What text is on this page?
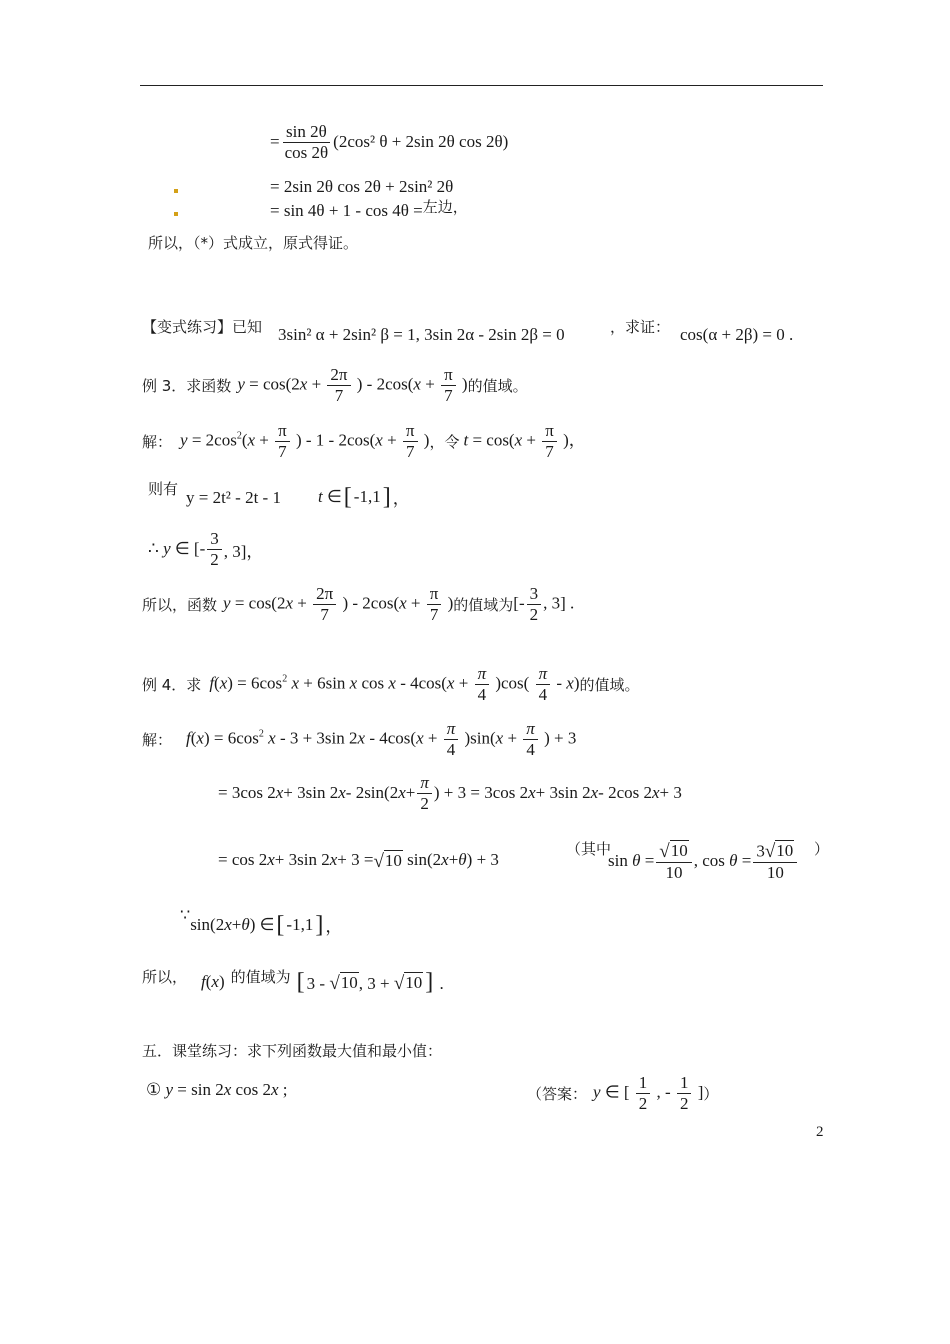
= $\frac{\sin 2\theta}{\cos 2\theta} (2\cos^2$ θ + 2sin 2θ cos 2θ)
= 2sin 2θ cos 2θ + 2sin² 2θ
= sin 4θ + 1 - cos 4θ = 左边，
所以，（*）式成立，原式得证。
【变式练习】已知 3sin² α + 2sin² β = 1, 3sin 2α - 2sin 2β = 0	，求证： cos(α + 2β) = 0 .
例 3．求函数 $y = \cos(2x + \frac{2\pi}{7}$ ) - $2\cos(x + \frac{\pi}{7}$ ) 的值域。
解： $y = 2\cos^2(x + \frac{\pi}{7}$ ) - $1 - 2\cos(x + \frac{\pi}{7}$ ) ，令 $t = \cos(x + \frac{\pi}{7}$ )，
则有 y = 2t² - 2t - 1 t ∈ [ -1,1 ] ，
∴ y ∈ [- $\frac{3}{2}$ , 3]，
所以，函数 $y = \cos(2x + \frac{2\pi}{7}$ ) - $2\cos(x + \frac{\pi}{7}$ ) 的值域为 [- $\frac{3}{2}$ , 3] .
例 4．求 $f(x) = 6\cos^2$ x + 6sin x $\cos x - 4\cos(x + \frac{\pi}{4} )\cos( \frac{\pi}{4} - x)$ 的值域。
解： $f(x) = 6\cos^2$ x - 3 + 3sin $2x - 4\cos(x + \frac{\pi}{4} )\sin(x + \frac{\pi}{4}$ ) + 3
= 3cos 2 x + 3sin 2 x - 2sin(2 $x + \frac{\pi}{2}$ ) + 3 = 3cos 2 x + 3sin 2 x - 2cos 2 x + 3
= cos 2 x + 3sin 2 x + 3 = √ 10 sin(2 x + θ ) + 3
（其中
$\sin \theta = \frac{√ 10}{10}$ , $\cos \theta = \frac{3 √ 10}{10}$ ）
∵ sin(2 x + θ ) ∈ [ -1,1 ] ，
所以， f(x) 的值域为 [ 3 - √ 10 , 3 + √ 10 ] .
五．课堂练习：求下列函数最大值和最小值：
① y = sin 2 x cos 2 x ;	（答案： y ∈ [ $\frac{1}{2}$ , - $\frac{1}{2}$ ] ）
2
